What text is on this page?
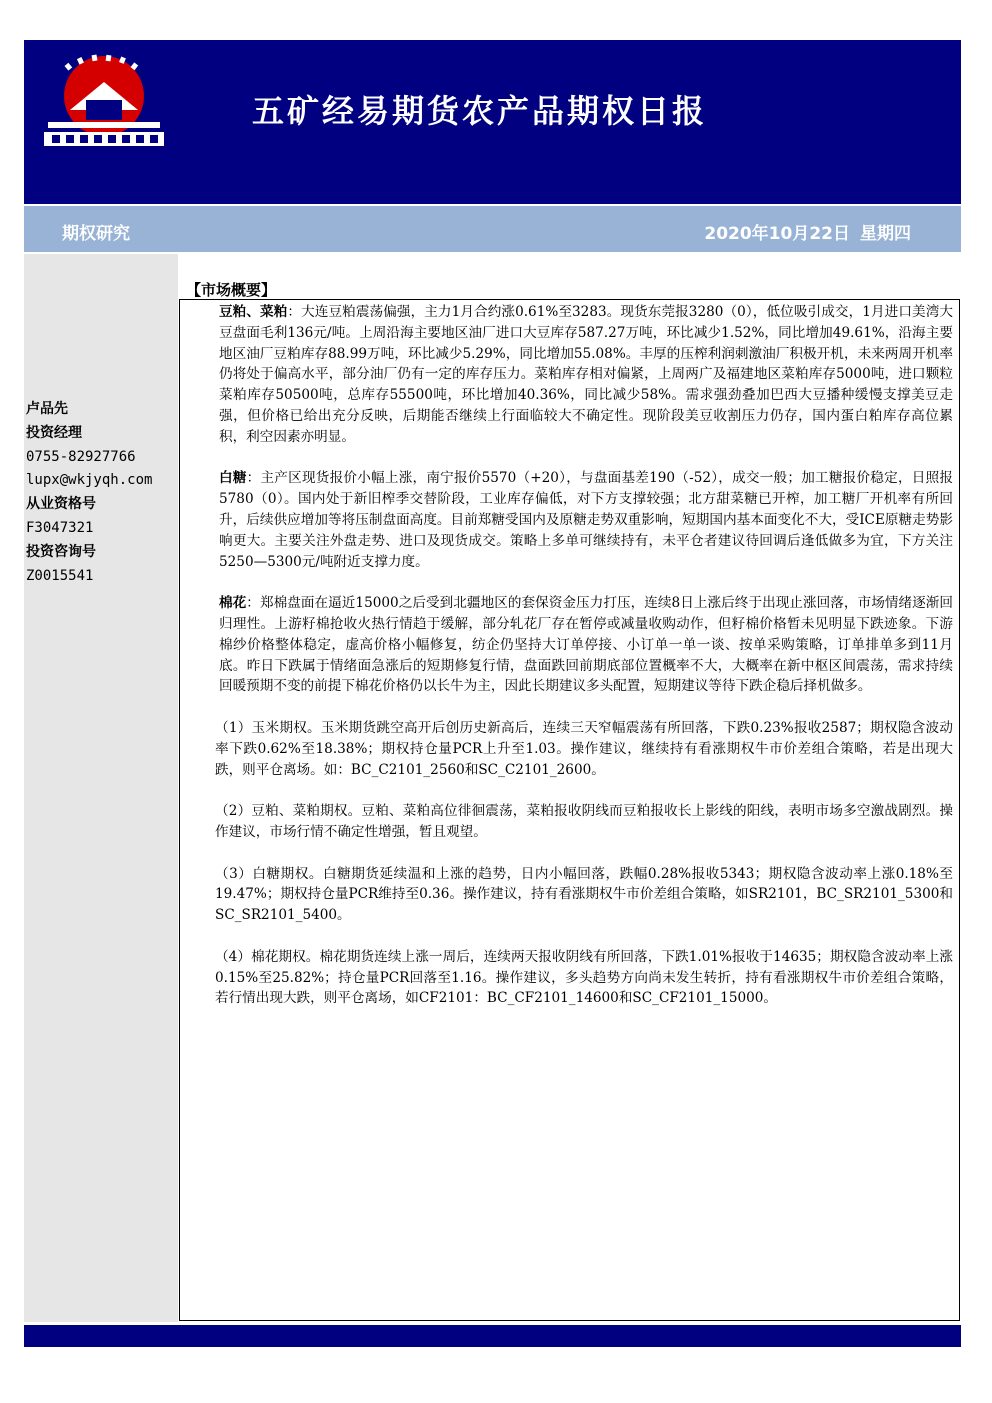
五矿经易期货农产品期权日报
期权研究	2020年10月22日 星期四
卢品先
投资经理
0755-82927766
lupx@wkjyqh.com
从业资格号
F3047321
投资咨询号
Z0015541
【市场概要】

豆粕、菜粕：大连豆粕震荡偏强，主力1月合约涨0.61%至3283。现货东莞报3280（0），低位吸引成交，1月进口美湾大豆盘面毛利136元/吨。上周沿海主要地区油厂进口大豆库存587.27万吨，环比减少1.52%，同比增加49.61%，沿海主要地区油厂豆粕库存88.99万吨，环比减少5.29%，同比增加55.08%。丰厚的压榨利润刺激油厂积极开机，未来两周开机率仍将处于偏高水平，部分油厂仍有一定的库存压力。菜粕库存相对偏紧，上周两广及福建地区菜粕库存5000吨，进口颗粒菜粕库存50500吨，总库存55500吨，环比增加40.36%，同比减少58%。需求强劲叠加巴西大豆播种缓慢支撑美豆走强，但价格已给出充分反映，后期能否继续上行面临较大不确定性。现阶段美豆收割压力仍存，国内蛋白粕库存高位累积，利空因素亦明显。

白糖：主产区现货报价小幅上涨，南宁报价5570（+20），与盘面基差190（-52），成交一般；加工糖报价稳定，日照报5780（0）。国内处于新旧榨季交替阶段，工业库存偏低，对下方支撑较强；北方甜菜糖已开榨，加工糖厂开机率有所回升，后续供应增加等将压制盘面高度。目前郑糖受国内及原糖走势双重影响，短期国内基本面变化不大，受ICE原糖走势影响更大。主要关注外盘走势、进口及现货成交。策略上多单可继续持有，未平仓者建议待回调后逢低做多为宜，下方关注5250—5300元/吨附近支撑力度。

棉花：郑棉盘面在逼近15000之后受到北疆地区的套保资金压力打压，连续8日上涨后终于出现止涨回落，市场情绪逐渐回归理性。上游籽棉抢收火热行情趋于缓解，部分轧花厂存在暂停或减量收购动作，但籽棉价格暂未见明显下跌迹象。下游棉纱价格整体稳定，虚高价格小幅修复，纺企仍坚持大订单停接、小订单一单一谈、按单采购策略，订单排单多到11月底。昨日下跌属于情绪面急涨后的短期修复行情，盘面跌回前期底部位置概率不大，大概率在新中枢区间震荡，需求持续回暖预期不变的前提下棉花价格仍以长牛为主，因此长期建议多头配置，短期建议等待下跌企稳后择机做多。

（1）玉米期权。玉米期货跳空高开后创历史新高后，连续三天窄幅震荡有所回落，下跌0.23%报收2587；期权隐含波动率下跌0.62%至18.38%；期权持仓量PCR上升至1.03。操作建议，继续持有看涨期权牛市价差组合策略，若是出现大跌，则平仓离场。如：BC_C2101_2560和SC_C2101_2600。

（2）豆粕、菜粕期权。豆粕、菜粕高位徘徊震荡，菜粕报收阴线而豆粕报收长上影线的阳线，表明市场多空激战剧烈。操作建议，市场行情不确定性增强，暂且观望。

（3）白糖期权。白糖期货延续温和上涨的趋势，日内小幅回落，跌幅0.28%报收5343；期权隐含波动率上涨0.18%至19.47%；期权持仓量PCR维持至0.36。操作建议，持有看涨期权牛市价差组合策略，如SR2101，BC_SR2101_5300和SC_SR2101_5400。

（4）棉花期权。棉花期货连续上涨一周后，连续两天报收阴线有所回落，下跌1.01%报收于14635；期权隐含波动率上涨0.15%至25.82%；持仓量PCR回落至1.16。操作建议，多头趋势方向尚未发生转折，持有看涨期权牛市价差组合策略，若行情出现大跌，则平仓离场，如CF2101：BC_CF2101_14600和SC_CF2101_15000。
